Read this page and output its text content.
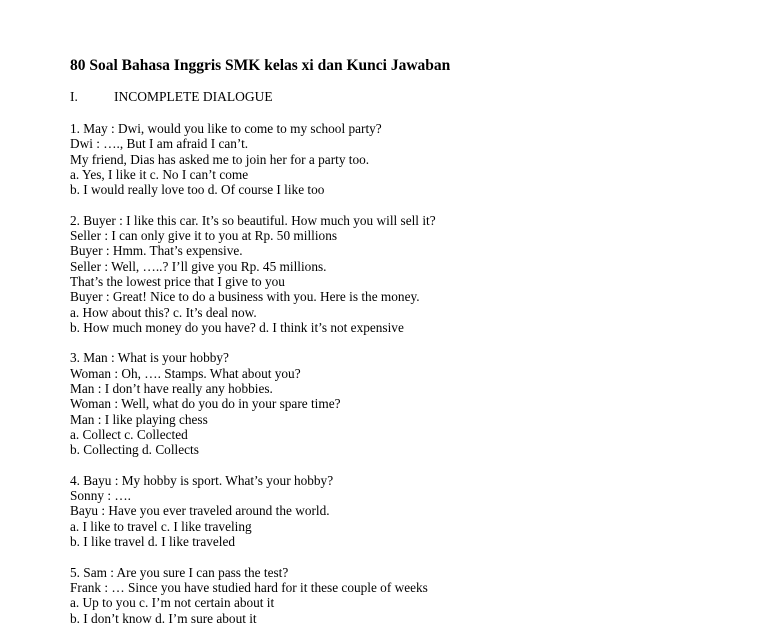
80 Soal Bahasa Inggris SMK kelas xi dan Kunci Jawaban
I.	INCOMPLETE DIALOGUE
1. May : Dwi, would you like to come to my school party?
Dwi : …., But I am afraid I can’t.
My friend, Dias has asked me to join her for a party too.
a. Yes, I like it c. No I can’t come
b. I would really love too d. Of course I like too
2. Buyer : I like this car. It’s so beautiful. How much you will sell it?
Seller : I can only give it to you at Rp. 50 millions
Buyer : Hmm. That’s expensive.
Seller : Well, …..? I’ll give you Rp. 45 millions.
That’s the lowest price that I give to you
Buyer : Great! Nice to do a business with you. Here is the money.
a. How about this? c. It’s deal now.
b. How much money do you have? d. I think it’s not expensive
3. Man : What is your hobby?
Woman : Oh, …. Stamps. What about you?
Man : I don’t have really any hobbies.
Woman : Well, what do you do in your spare time?
Man : I like playing chess
a. Collect c. Collected
b. Collecting d. Collects
4. Bayu : My hobby is sport. What’s your hobby?
Sonny : ….
Bayu : Have you ever traveled around the world.
a. I like to travel c. I like traveling
b. I like travel d. I like traveled
5. Sam : Are you sure I can pass the test?
Frank : … Since you have studied hard for it these couple of weeks
a. Up to you c. I’m not certain about it
b. I don’t know d. I’m sure about it
